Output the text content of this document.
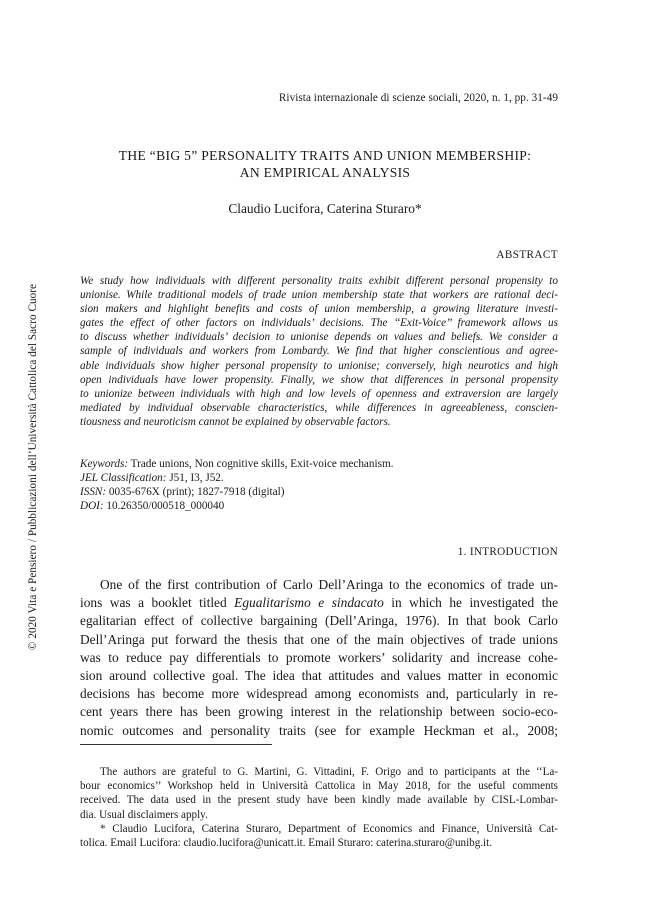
Rivista internazionale di scienze sociali, 2020, n. 1, pp. 31-49
THE “BIG 5” PERSONALITY TRAITS AND UNION MEMBERSHIP:
AN EMPIRICAL ANALYSIS
Claudio Lucifora, Caterina Sturaro*
ABSTRACT
We study how individuals with different personality traits exhibit different personal propensity to
unionise. While traditional models of trade union membership state that workers are rational deci-
sion makers and highlight benefits and costs of union membership, a growing literature investi-
gates the effect of other factors on individuals’ decisions. The ‘‘Exit-Voice’’ framework allows us
to discuss whether individuals’ decision to unionise depends on values and beliefs. We consider a
sample of individuals and workers from Lombardy. We find that higher conscientious and agree-
able individuals show higher personal propensity to unionise; conversely, high neurotics and high
open individuals have lower propensity. Finally, we show that differences in personal propensity
to unionize between individuals with high and low levels of openness and extraversion are largely
mediated by individual observable characteristics, while differences in agreeableness, conscien-
tiousness and neuroticism cannot be explained by observable factors.
Keywords: Trade unions, Non cognitive skills, Exit-voice mechanism.
JEL Classification: J51, I3, J52.
ISSN: 0035-676X (print); 1827-7918 (digital)
DOI: 10.26350/000518_000040
1. INTRODUCTION
One of the first contribution of Carlo Dell’Aringa to the economics of trade un-
ions was a booklet titled Egualitarismo e sindacato in which he investigated the
egalitarian effect of collective bargaining (Dell’Aringa, 1976). In that book Carlo
Dell’Aringa put forward the thesis that one of the main objectives of trade unions
was to reduce pay differentials to promote workers’ solidarity and increase cohe-
sion around collective goal. The idea that attitudes and values matter in economic
decisions has become more widespread among economists and, particularly in re-
cent years there has been growing interest in the relationship between socio-eco-
nomic outcomes and personality traits (see for example Heckman et al., 2008;
The authors are grateful to G. Martini, G. Vittadini, F. Origo and to participants at the ‘‘La-
bour economics’’ Workshop held in Università Cattolica in May 2018, for the useful comments
received. The data used in the present study have been kindly made available by CISL-Lombar-
dia. Usual disclaimers apply.
* Claudio Lucifora, Caterina Sturaro, Department of Economics and Finance, Università Cat-
tolica. Email Lucifora: claudio.lucifora@unicatt.it. Email Sturaro: caterina.sturaro@unibg.it.
© 2020 Vita e Pensiero / Pubblicazioni dell’Università Cattolica del Sacro Cuore
